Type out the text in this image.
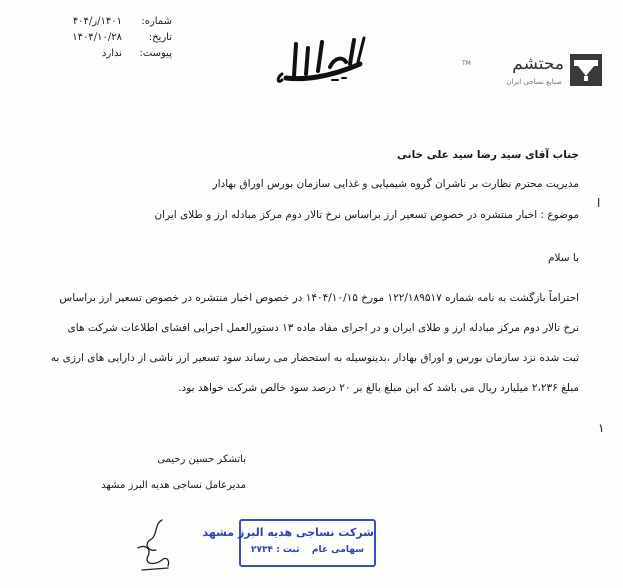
شماره:
۱۴۰۱/ر/۴۰۴
تاریخ:
۱۴۰۴/۱۰/۲۸
پیوست:
ندارد
TM محتشم
صنایع نساجی ایران
جناب آقای سید رضا سید علی خانی
مدیریت محترم نظارت بر ناشران گروه شیمیایی و غذایی سازمان بورس اوراق بهادار
موضوع : اخبار منتشره در خصوص تسعیر ارز براساس نرخ تالار دوم مرکز مبادله ارز و طلای ایران
با سلام
احتراماً بازگشت به نامه شماره ۱۲۲/۱۸۹۵۱۷ مورخ ۱۴۰۴/۱۰/۱۵ در خصوص اخبار منتشره در خصوص تسعیر ارز براساس
نرخ تالار دوم مرکز مبادله ارز و طلای ایران و در اجرای مفاد ماده ۱۳ دستورالعمل اجرایی افشای اطلاعات شرکت های
ثبت شده نزد سازمان بورس و اوراق بهادار ،بدینوسیله به استحضار می رساند سود تسعیر ارز ناشی از دارایی های ارزی به
مبلغ ۲،۲۳۶ میلیارد ریال می باشد که این مبلغ بالغ بر ۲۰ درصد سود خالص شرکت خواهد بود.
باتشکر حسین رحیمی
مدیرعامل نساجی هدیه البرز مشهد
شرکت نساجی هدیه البرز مشهد
سهامی عام
ثبت : ۲۷۳۴
ا
۱
